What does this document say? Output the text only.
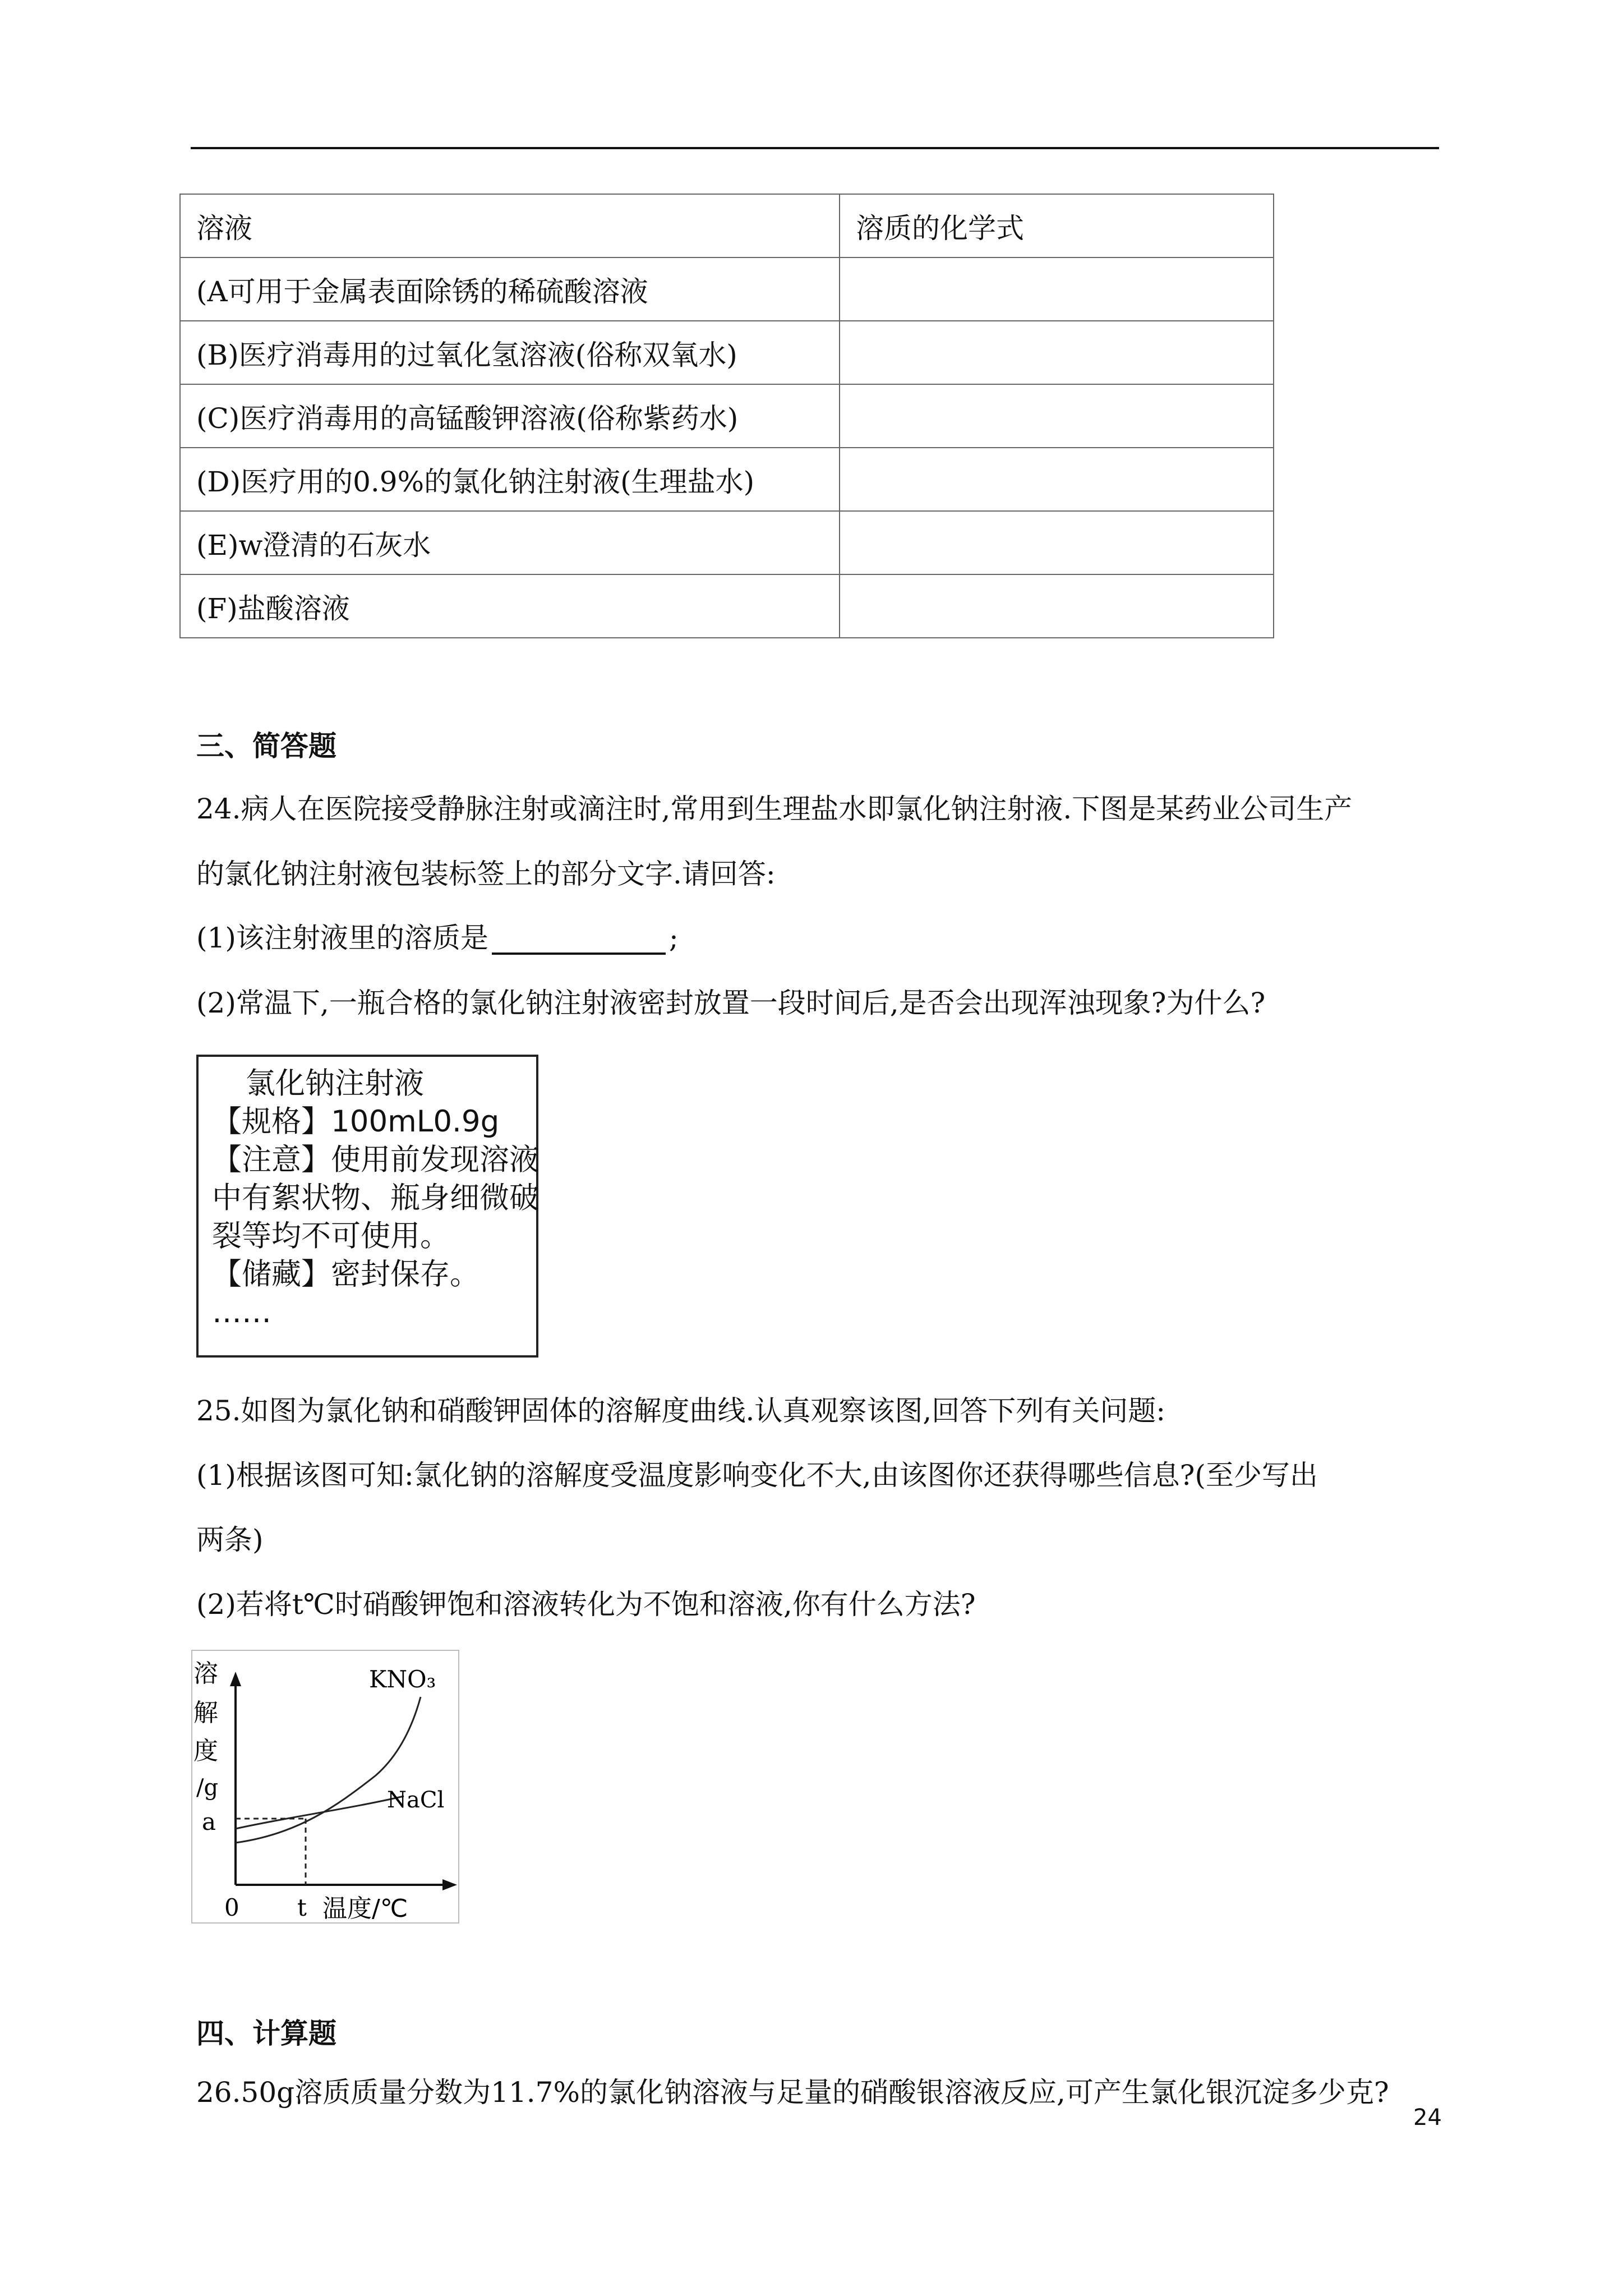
溶液	溶质的化学式
(A可用于金属表面除锈的稀硫酸溶液	
(B)医疗消毒用的过氧化氢溶液(俗称双氧水)	
(C)医疗消毒用的高锰酸钾溶液(俗称紫药水)	
(D)医疗用的0.9%的氯化钠注射液(生理盐水)	
(E)w澄清的石灰水	
(F)盐酸溶液	
三、简答题
24.病人在医院接受静脉注射或滴注时,常用到生理盐水即氯化钠注射液.下图是某药业公司生产
的氯化钠注射液包装标签上的部分文字.请回答:
(1)该注射液里的溶质是	;
(2)常温下,一瓶合格的氯化钠注射液密封放置一段时间后,是否会出现浑浊现象?为什么?
氯化钠注射液
【规格】100mL0.9g
【注意】使用前发现溶液
中有絮状物、瓶身细微破
裂等均不可使用。
【储藏】密封保存。
……
25.如图为氯化钠和硝酸钾固体的溶解度曲线.认真观察该图,回答下列有关问题:
(1)根据该图可知:氯化钠的溶解度受温度影响变化不大,由该图你还获得哪些信息?(至少写出
两条)
(2)若将t℃时硝酸钾饱和溶液转化为不饱和溶液,你有什么方法?
溶
解
度
/g
a
0 t 温度/℃
KNO₃
NaCl
四、计算题
26.50g溶质质量分数为11.7%的氯化钠溶液与足量的硝酸银溶液反应,可产生氯化银沉淀多少克?
24
